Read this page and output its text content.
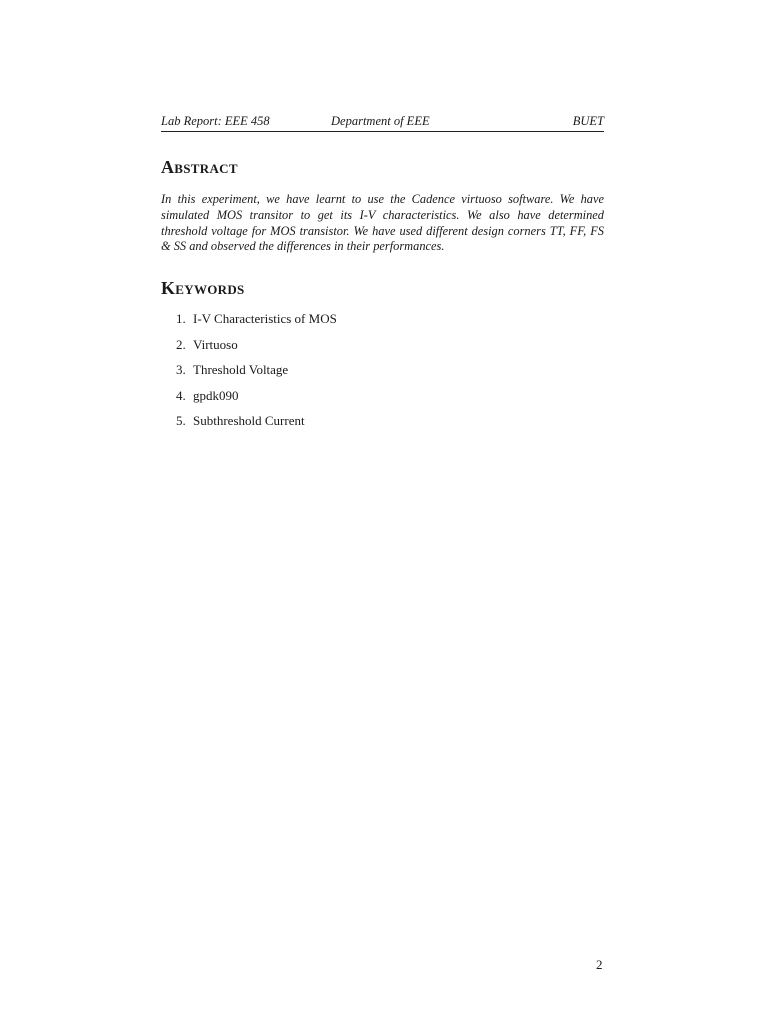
Lab Report: EEE 458	Department of EEE	BUET
Abstract
In this experiment, we have learnt to use the Cadence virtuoso software. We have simulated MOS transitor to get its I-V characteristics. We also have determined threshold voltage for MOS transistor. We have used different design corners TT, FF, FS & SS and observed the differences in their performances.
Keywords
1. I-V Characteristics of MOS
2. Virtuoso
3. Threshold Voltage
4. gpdk090
5. Subthreshold Current
2
